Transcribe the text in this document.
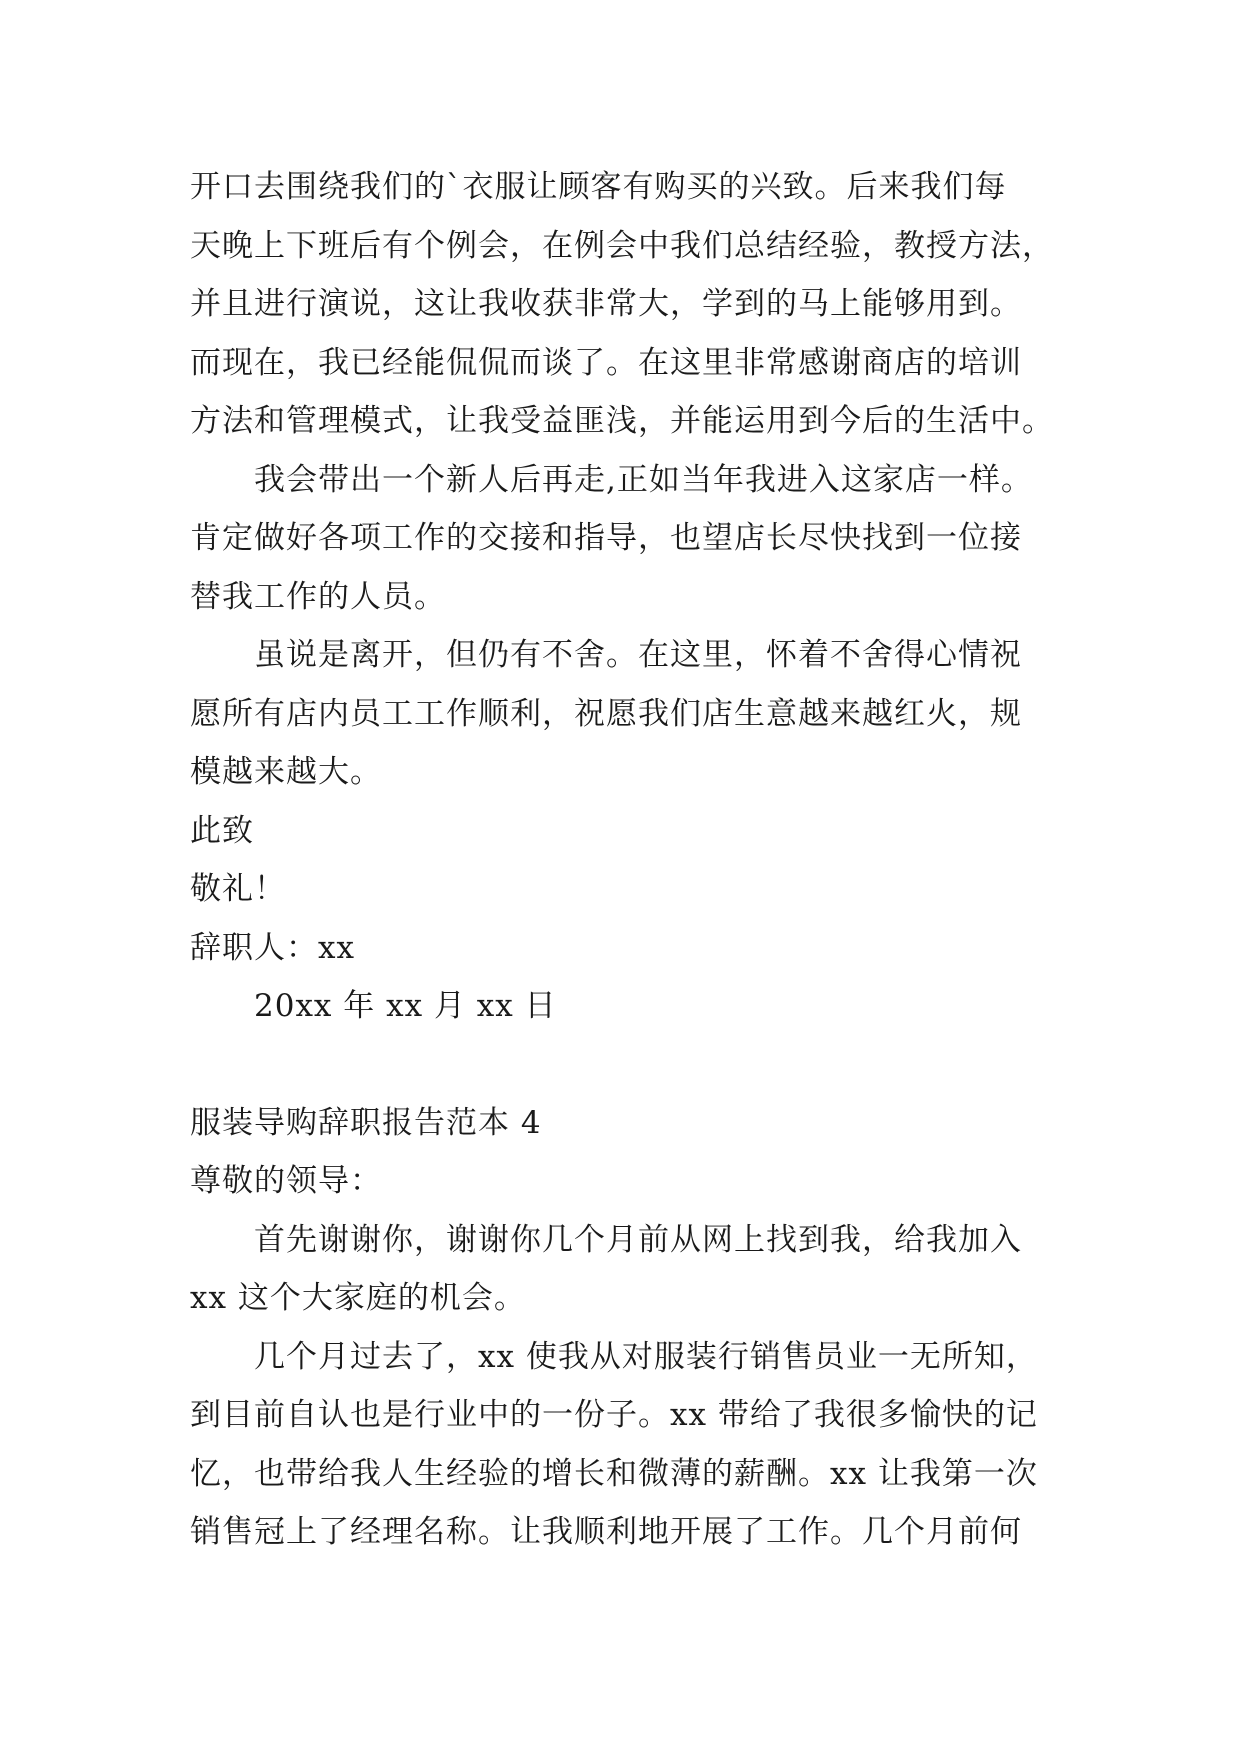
开口去围绕我们的`衣服让顾客有购买的兴致。后来我们每
天晚上下班后有个例会，在例会中我们总结经验，教授方法，
并且进行演说，这让我收获非常大，学到的马上能够用到。
而现在，我已经能侃侃而谈了。在这里非常感谢商店的培训
方法和管理模式，让我受益匪浅，并能运用到今后的生活中。
我会带出一个新人后再走,正如当年我进入这家店一样。
肯定做好各项工作的交接和指导，也望店长尽快找到一位接
替我工作的人员。
虽说是离开，但仍有不舍。在这里，怀着不舍得心情祝
愿所有店内员工工作顺利，祝愿我们店生意越来越红火，规
模越来越大。
此致
敬礼！
辞职人：xx
20xx 年 xx 月 xx 日
服装导购辞职报告范本 4
尊敬的领导：
首先谢谢你，谢谢你几个月前从网上找到我，给我加入
xx 这个大家庭的机会。
几个月过去了，xx 使我从对服装行销售员业一无所知，
到目前自认也是行业中的一份子。xx 带给了我很多愉快的记
忆，也带给我人生经验的增长和微薄的薪酬。xx 让我第一次
销售冠上了经理名称。让我顺利地开展了工作。几个月前何
